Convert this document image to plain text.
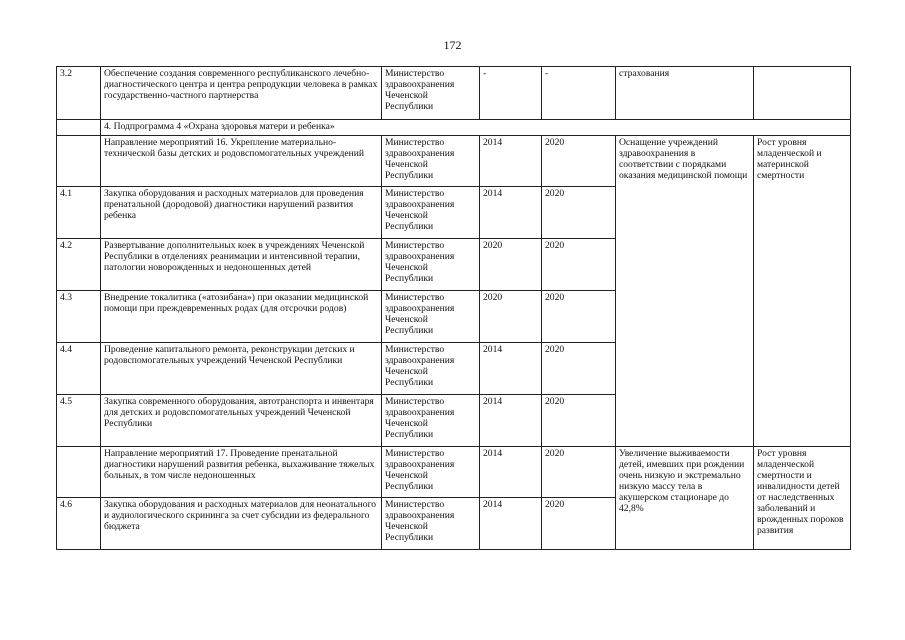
172
3.2	Обеспечение создания современного республиканского лечебно-диагностического центра и центра репродукции человека в рамках государственно-частного партнерства	Министерство здравоохранения Чеченской Республики	-	-	страхования	
	4. Подпрограмма 4 «Охрана здоровья матери и ребенка»					
	Направление мероприятий 16. Укрепление материально-технической базы детских и родовспомогательных учреждений	Министерство здравоохранения Чеченской Республики	2014	2020	Оснащение учреждений здравоохранения в соответствии с порядками оказания медицинской помощи	Рост уровня младенческой и материнской смертности
4.1	Закупка оборудования и расходных материалов для проведения пренатальной (дородовой) диагностики нарушений развития ребенка	Министерство здравоохранения Чеченской Республики	2014	2020		
4.2	Развертывание дополнительных коек в учреждениях Чеченской Республики в отделениях реанимации и интенсивной терапии, патологии новорожденных и недоношенных детей	Министерство здравоохранения Чеченской Республики	2020	2020		
4.3	Внедрение токалитика («атозибана») при оказании медицинской помощи при преждевременных родах (для отсрочки родов)	Министерство здравоохранения Чеченской Республики	2020	2020		
4.4	Проведение капитального ремонта, реконструкции детских и родовспомогательных учреждений Чеченской Республики	Министерство здравоохранения Чеченской Республики	2014	2020		
4.5	Закупка современного оборудования, автотранспорта и инвентаря для детских и родовспомогательных учреждений Чеченской Республики	Министерство здравоохранения Чеченской Республики	2014	2020		
	Направление мероприятий 17. Проведение пренатальной диагностики нарушений развития ребенка, выхаживание тяжелых больных, в том числе недоношенных	Министерство здравоохранения Чеченской Республики	2014	2020	Увеличение выживаемости детей, имевших при рождении очень низкую и экстремально низкую массу тела в акушерском стационаре до 42,8%	Рост уровня младенческой смертности и инвалидности детей от наследственных заболеваний и врожденных пороков развития
4.6	Закупка оборудования и расходных материалов для неонатального и аудиологического скрининга за счет субсидии из федерального бюджета	Министерство здравоохранения Чеченской Республики	2014	2020		
